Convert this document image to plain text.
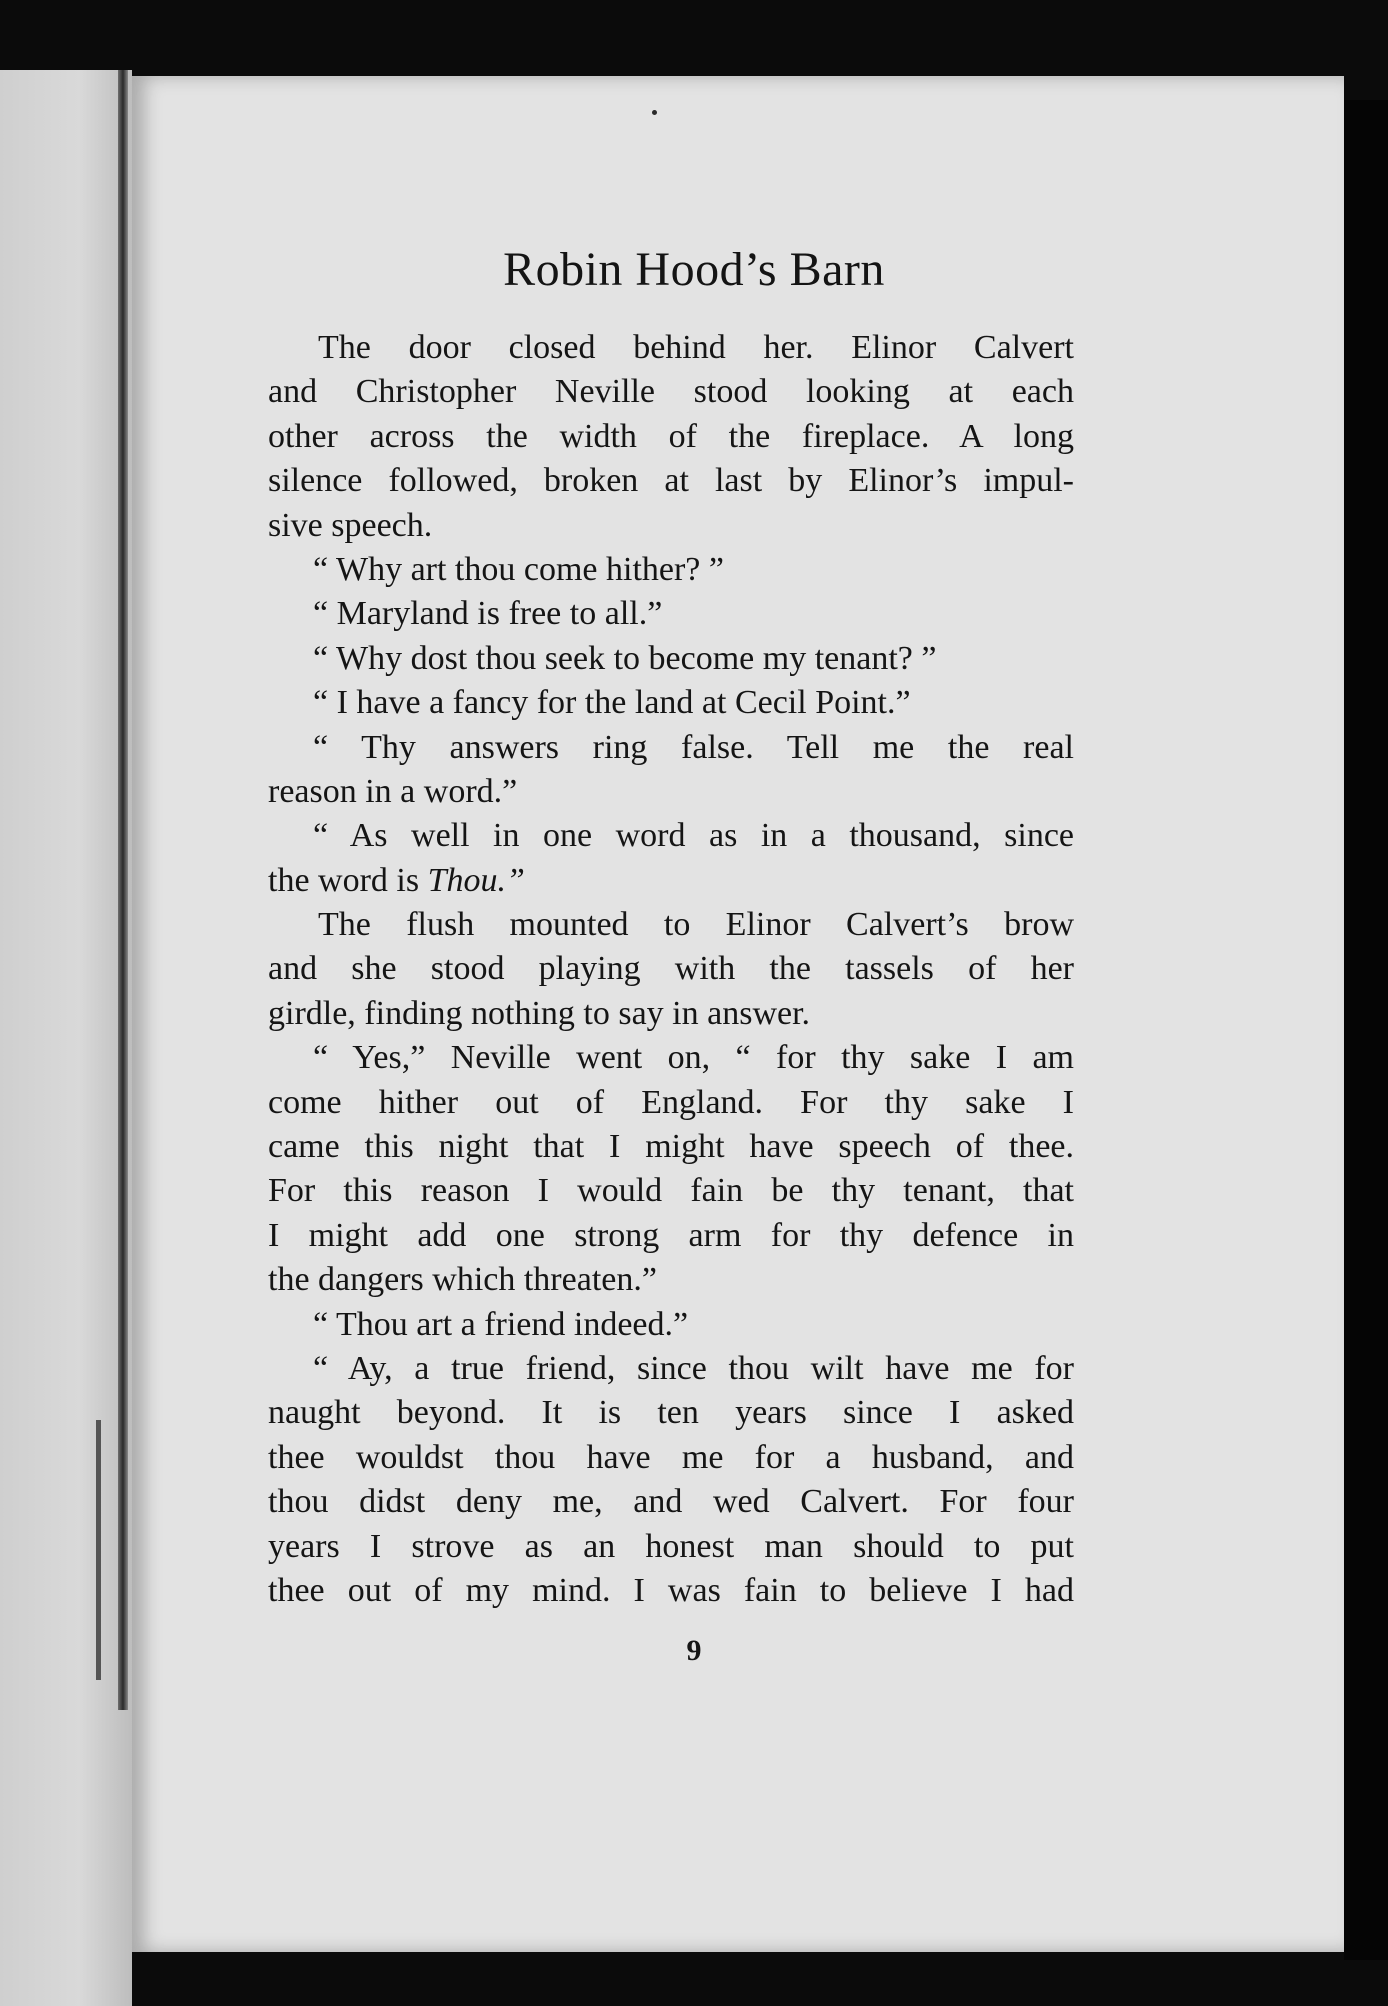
Robin Hood’s Barn
The door closed behind her. Elinor Calvert
and Christopher Neville stood looking at each
other across the width of the fireplace. A long
silence followed, broken at last by Elinor’s impul-
sive speech.
“ Why art thou come hither? ”
“ Maryland is free to all.”
“ Why dost thou seek to become my tenant? ”
“ I have a fancy for the land at Cecil Point.”
“ Thy answers ring false. Tell me the real
reason in a word.”
“ As well in one word as in a thousand, since
the word is Thou.”
The flush mounted to Elinor Calvert’s brow
and she stood playing with the tassels of her
girdle, finding nothing to say in answer.
“ Yes,” Neville went on, “ for thy sake I am
come hither out of England. For thy sake I
came this night that I might have speech of thee.
For this reason I would fain be thy tenant, that
I might add one strong arm for thy defence in
the dangers which threaten.”
“ Thou art a friend indeed.”
“ Ay, a true friend, since thou wilt have me for
naught beyond. It is ten years since I asked
thee wouldst thou have me for a husband, and
thou didst deny me, and wed Calvert. For four
years I strove as an honest man should to put
thee out of my mind. I was fain to believe I had
9
